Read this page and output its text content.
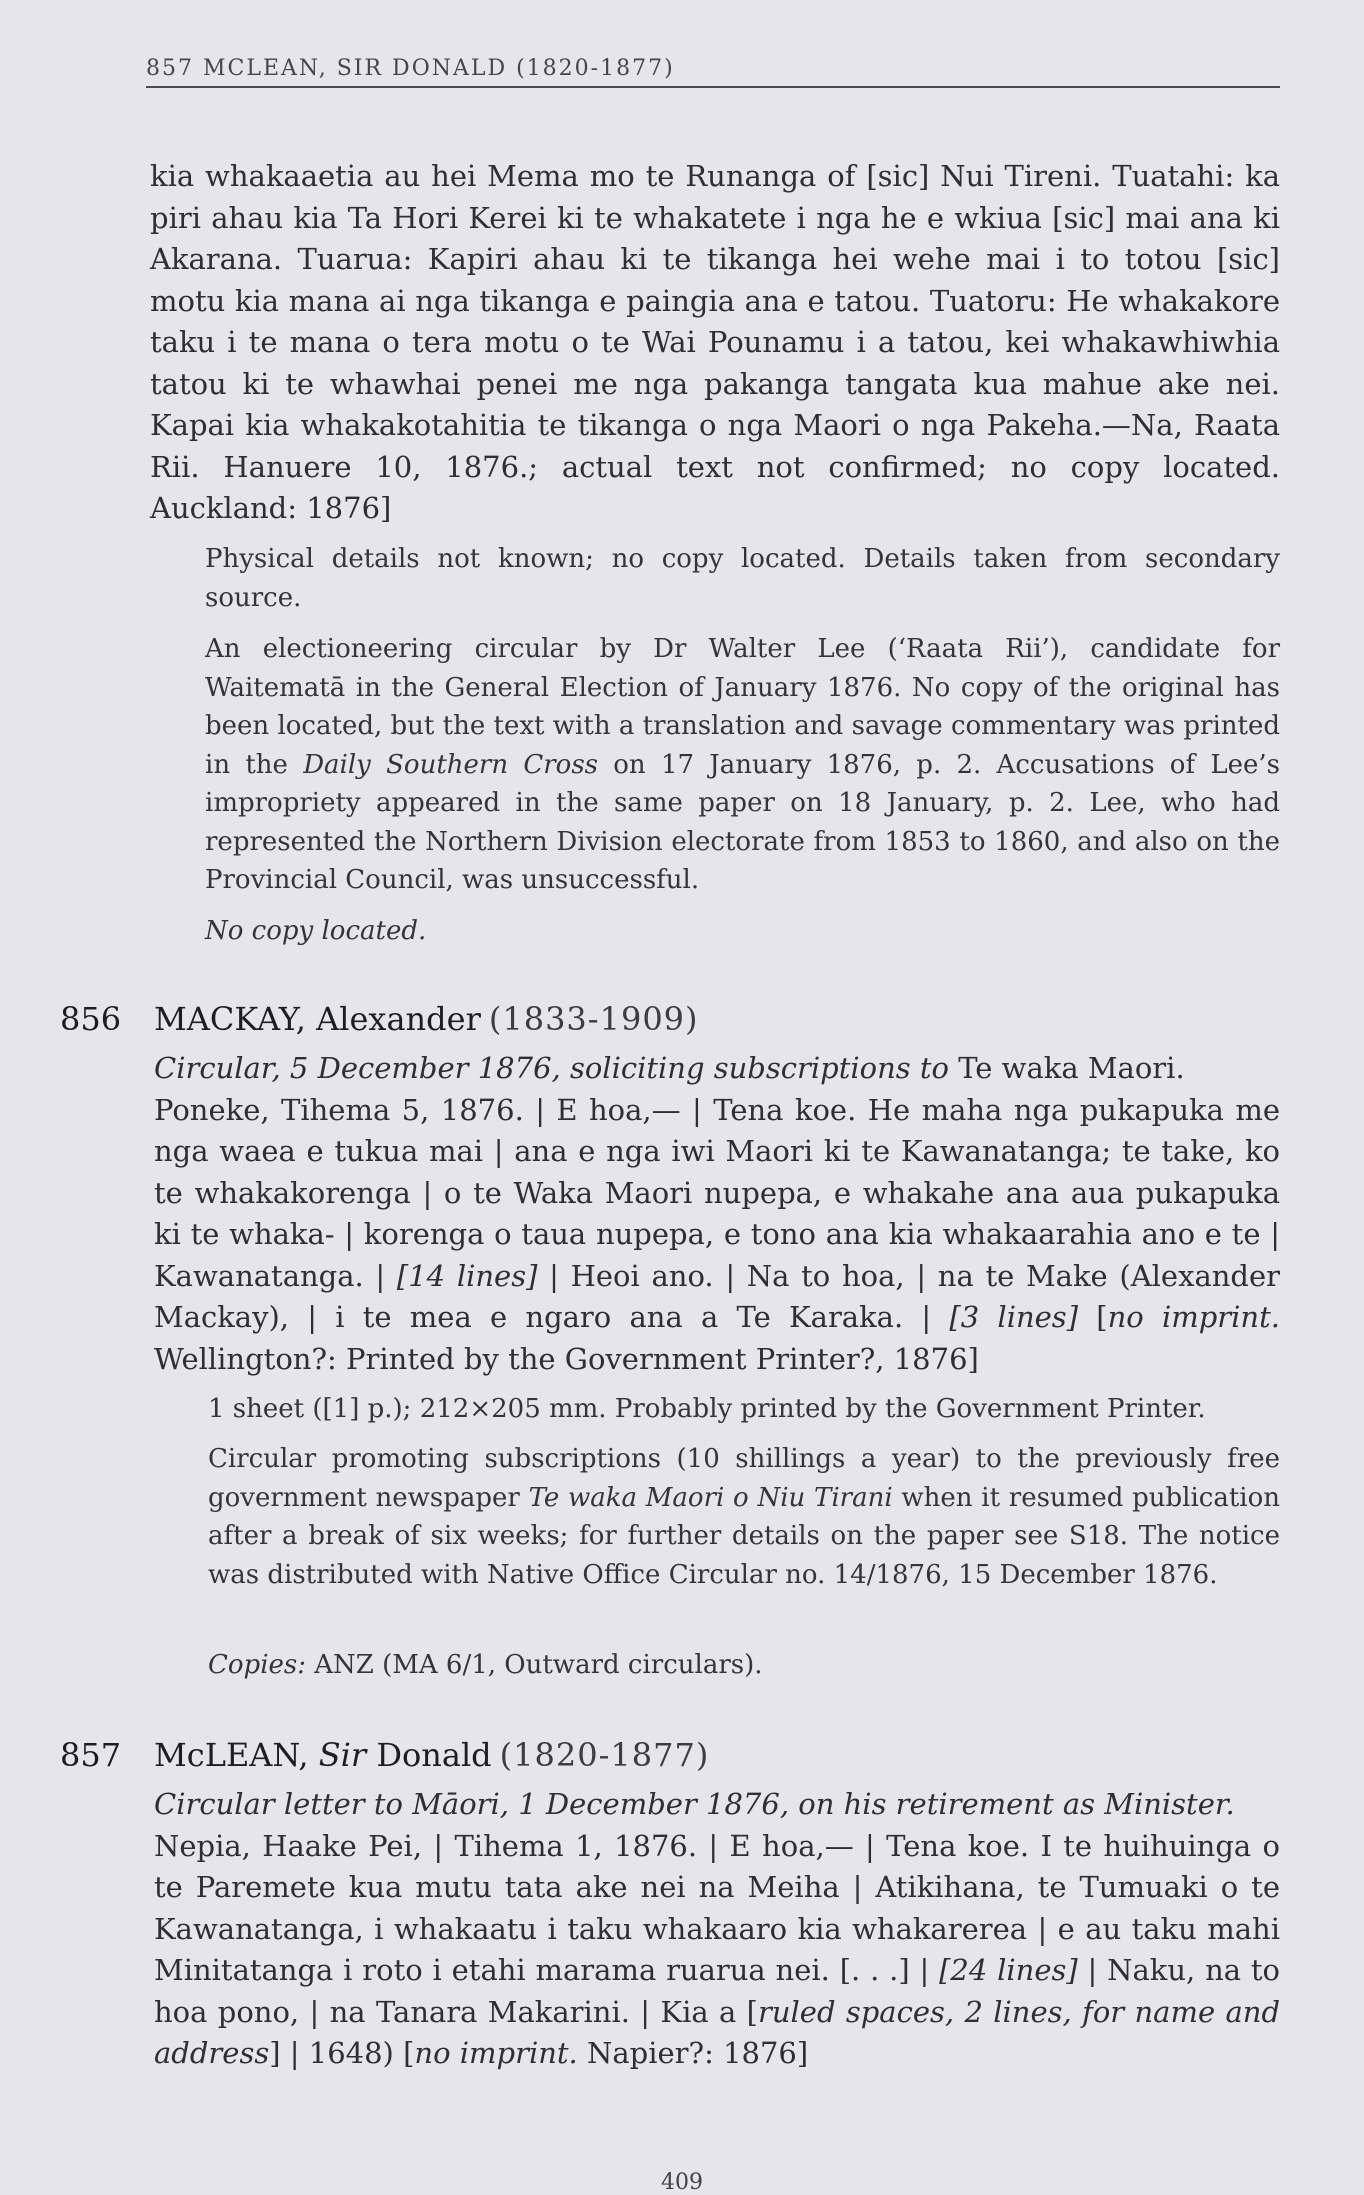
857 MCLEAN, SIR DONALD (1820-1877)
kia whakaaetia au hei Mema mo te Runanga of [sic] Nui Tireni. Tuatahi: ka piri ahau kia Ta Hori Kerei ki te whakatete i nga he e wkiua [sic] mai ana ki Akarana. Tuarua: Kapiri ahau ki te tikanga hei wehe mai i to totou [sic] motu kia mana ai nga tikanga e paingia ana e tatou. Tuatoru: He whakakore taku i te mana o tera motu o te Wai Pounamu i a tatou, kei whakawhiwhia tatou ki te whawhai penei me nga pakanga tangata kua mahue ake nei. Kapai kia whakakotahitia te tikanga o nga Maori o nga Pakeha.—Na, Raata Rii. Hanuere 10, 1876.; actual text not confirmed; no copy located. Auckland: 1876]
Physical details not known; no copy located. Details taken from secondary source.
An electioneering circular by Dr Walter Lee (‘Raata Rii’), candidate for Waitematā in the General Election of January 1876. No copy of the original has been located, but the text with a translation and savage commentary was printed in the Daily Southern Cross on 17 January 1876, p. 2. Accusations of Lee’s impropriety appeared in the same paper on 18 January, p. 2. Lee, who had represented the Northern Division electorate from 1853 to 1860, and also on the Provincial Council, was unsuccessful.
No copy located.
856 MACKAY, Alexander (1833-1909)
Circular, 5 December 1876, soliciting subscriptions to Te waka Maori.
Poneke, Tihema 5, 1876. | E hoa,— | Tena koe. He maha nga pukapuka me nga waea e tukua mai | ana e nga iwi Maori ki te Kawanatanga; te take, ko te whakakorenga | o te Waka Maori nupepa, e whakahe ana aua pukapuka ki te whaka- | korenga o taua nupepa, e tono ana kia whakaarahia ano e te | Kawanatanga. | [14 lines] | Heoi ano. | Na to hoa, | na te Make (Alexander Mackay), | i te mea e ngaro ana a Te Karaka. | [3 lines] [no imprint. Wellington?: Printed by the Government Printer?, 1876]
1 sheet ([1] p.); 212×205 mm. Probably printed by the Government Printer.
Circular promoting subscriptions (10 shillings a year) to the previously free government newspaper Te waka Maori o Niu Tirani when it resumed publication after a break of six weeks; for further details on the paper see S18. The notice was distributed with Native Office Circular no. 14/1876, 15 December 1876.
Copies: ANZ (MA 6/1, Outward circulars).
857 McLEAN, Sir Donald (1820-1877)
Circular letter to Māori, 1 December 1876, on his retirement as Minister.
Nepia, Haake Pei, | Tihema 1, 1876. | E hoa,— | Tena koe. I te huihuinga o te Paremete kua mutu tata ake nei na Meiha | Atikihana, te Tumuaki o te Kawanatanga, i whakaatu i taku whakaaro kia whakarerea | e au taku mahi Minitatanga i roto i etahi marama ruarua nei. [. . .] | [24 lines] | Naku, na to hoa pono, | na Tanara Makarini. | Kia a [ruled spaces, 2 lines, for name and address] | 1648) [no imprint. Napier?: 1876]
409
